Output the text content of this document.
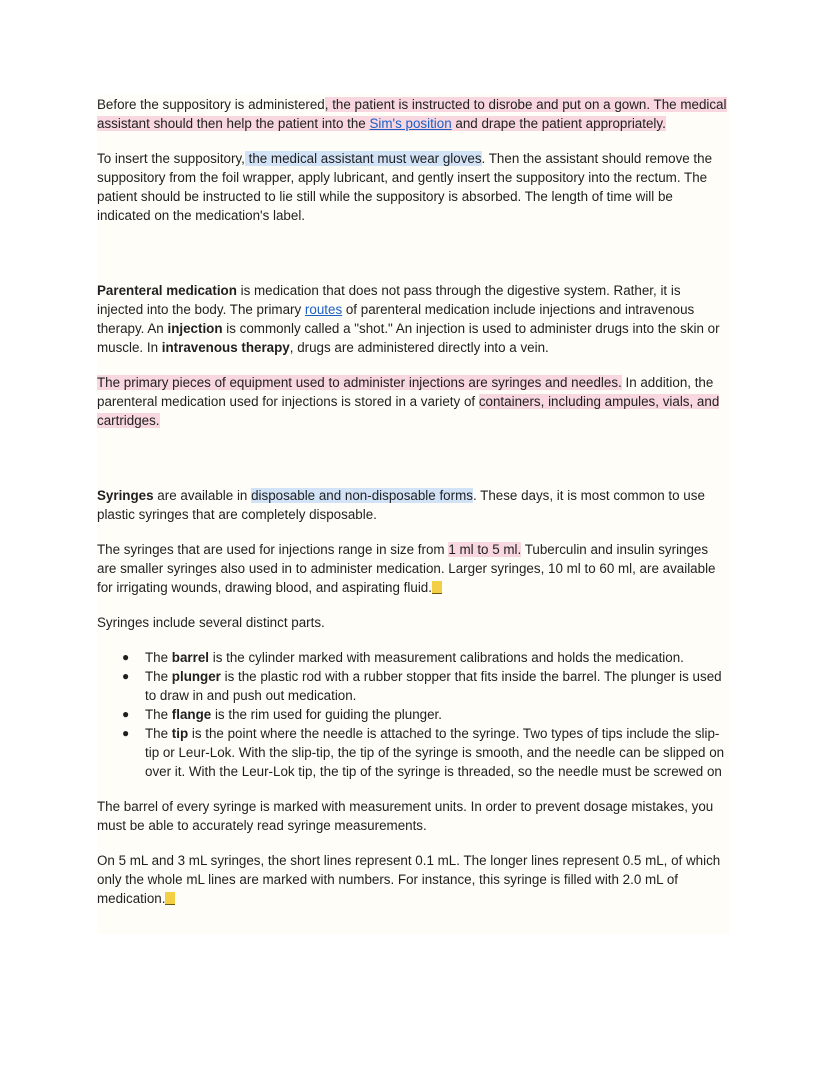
Before the suppository is administered, the patient is instructed to disrobe and put on a gown. The medical assistant should then help the patient into the Sim's position and drape the patient appropriately.

To insert the suppository, the medical assistant must wear gloves. Then the assistant should remove the suppository from the foil wrapper, apply lubricant, and gently insert the suppository into the rectum. The patient should be instructed to lie still while the suppository is absorbed. The length of time will be indicated on the medication's label.

Parenteral medication is medication that does not pass through the digestive system. Rather, it is injected into the body. The primary routes of parenteral medication include injections and intravenous therapy. An injection is commonly called a "shot." An injection is used to administer drugs into the skin or muscle. In intravenous therapy, drugs are administered directly into a vein.

The primary pieces of equipment used to administer injections are syringes and needles. In addition, the parenteral medication used for injections is stored in a variety of containers, including ampules, vials, and cartridges.

Syringes are available in disposable and non-disposable forms. These days, it is most common to use plastic syringes that are completely disposable.

The syringes that are used for injections range in size from 1 ml to 5 ml. Tuberculin and insulin syringes are smaller syringes also used in to administer medication. Larger syringes, 10 ml to 60 ml, are available for irrigating wounds, drawing blood, and aspirating fluid.

Syringes include several distinct parts.

● The barrel is the cylinder marked with measurement calibrations and holds the medication.
● The plunger is the plastic rod with a rubber stopper that fits inside the barrel. The plunger is used to draw in and push out medication.
● The flange is the rim used for guiding the plunger.
● The tip is the point where the needle is attached to the syringe. Two types of tips include the slip-tip or Leur-Lok. With the slip-tip, the tip of the syringe is smooth, and the needle can be slipped on over it. With the Leur-Lok tip, the tip of the syringe is threaded, so the needle must be screwed on

The barrel of every syringe is marked with measurement units. In order to prevent dosage mistakes, you must be able to accurately read syringe measurements.

On 5 mL and 3 mL syringes, the short lines represent 0.1 mL. The longer lines represent 0.5 mL, of which only the whole mL lines are marked with numbers. For instance, this syringe is filled with 2.0 mL of medication.
